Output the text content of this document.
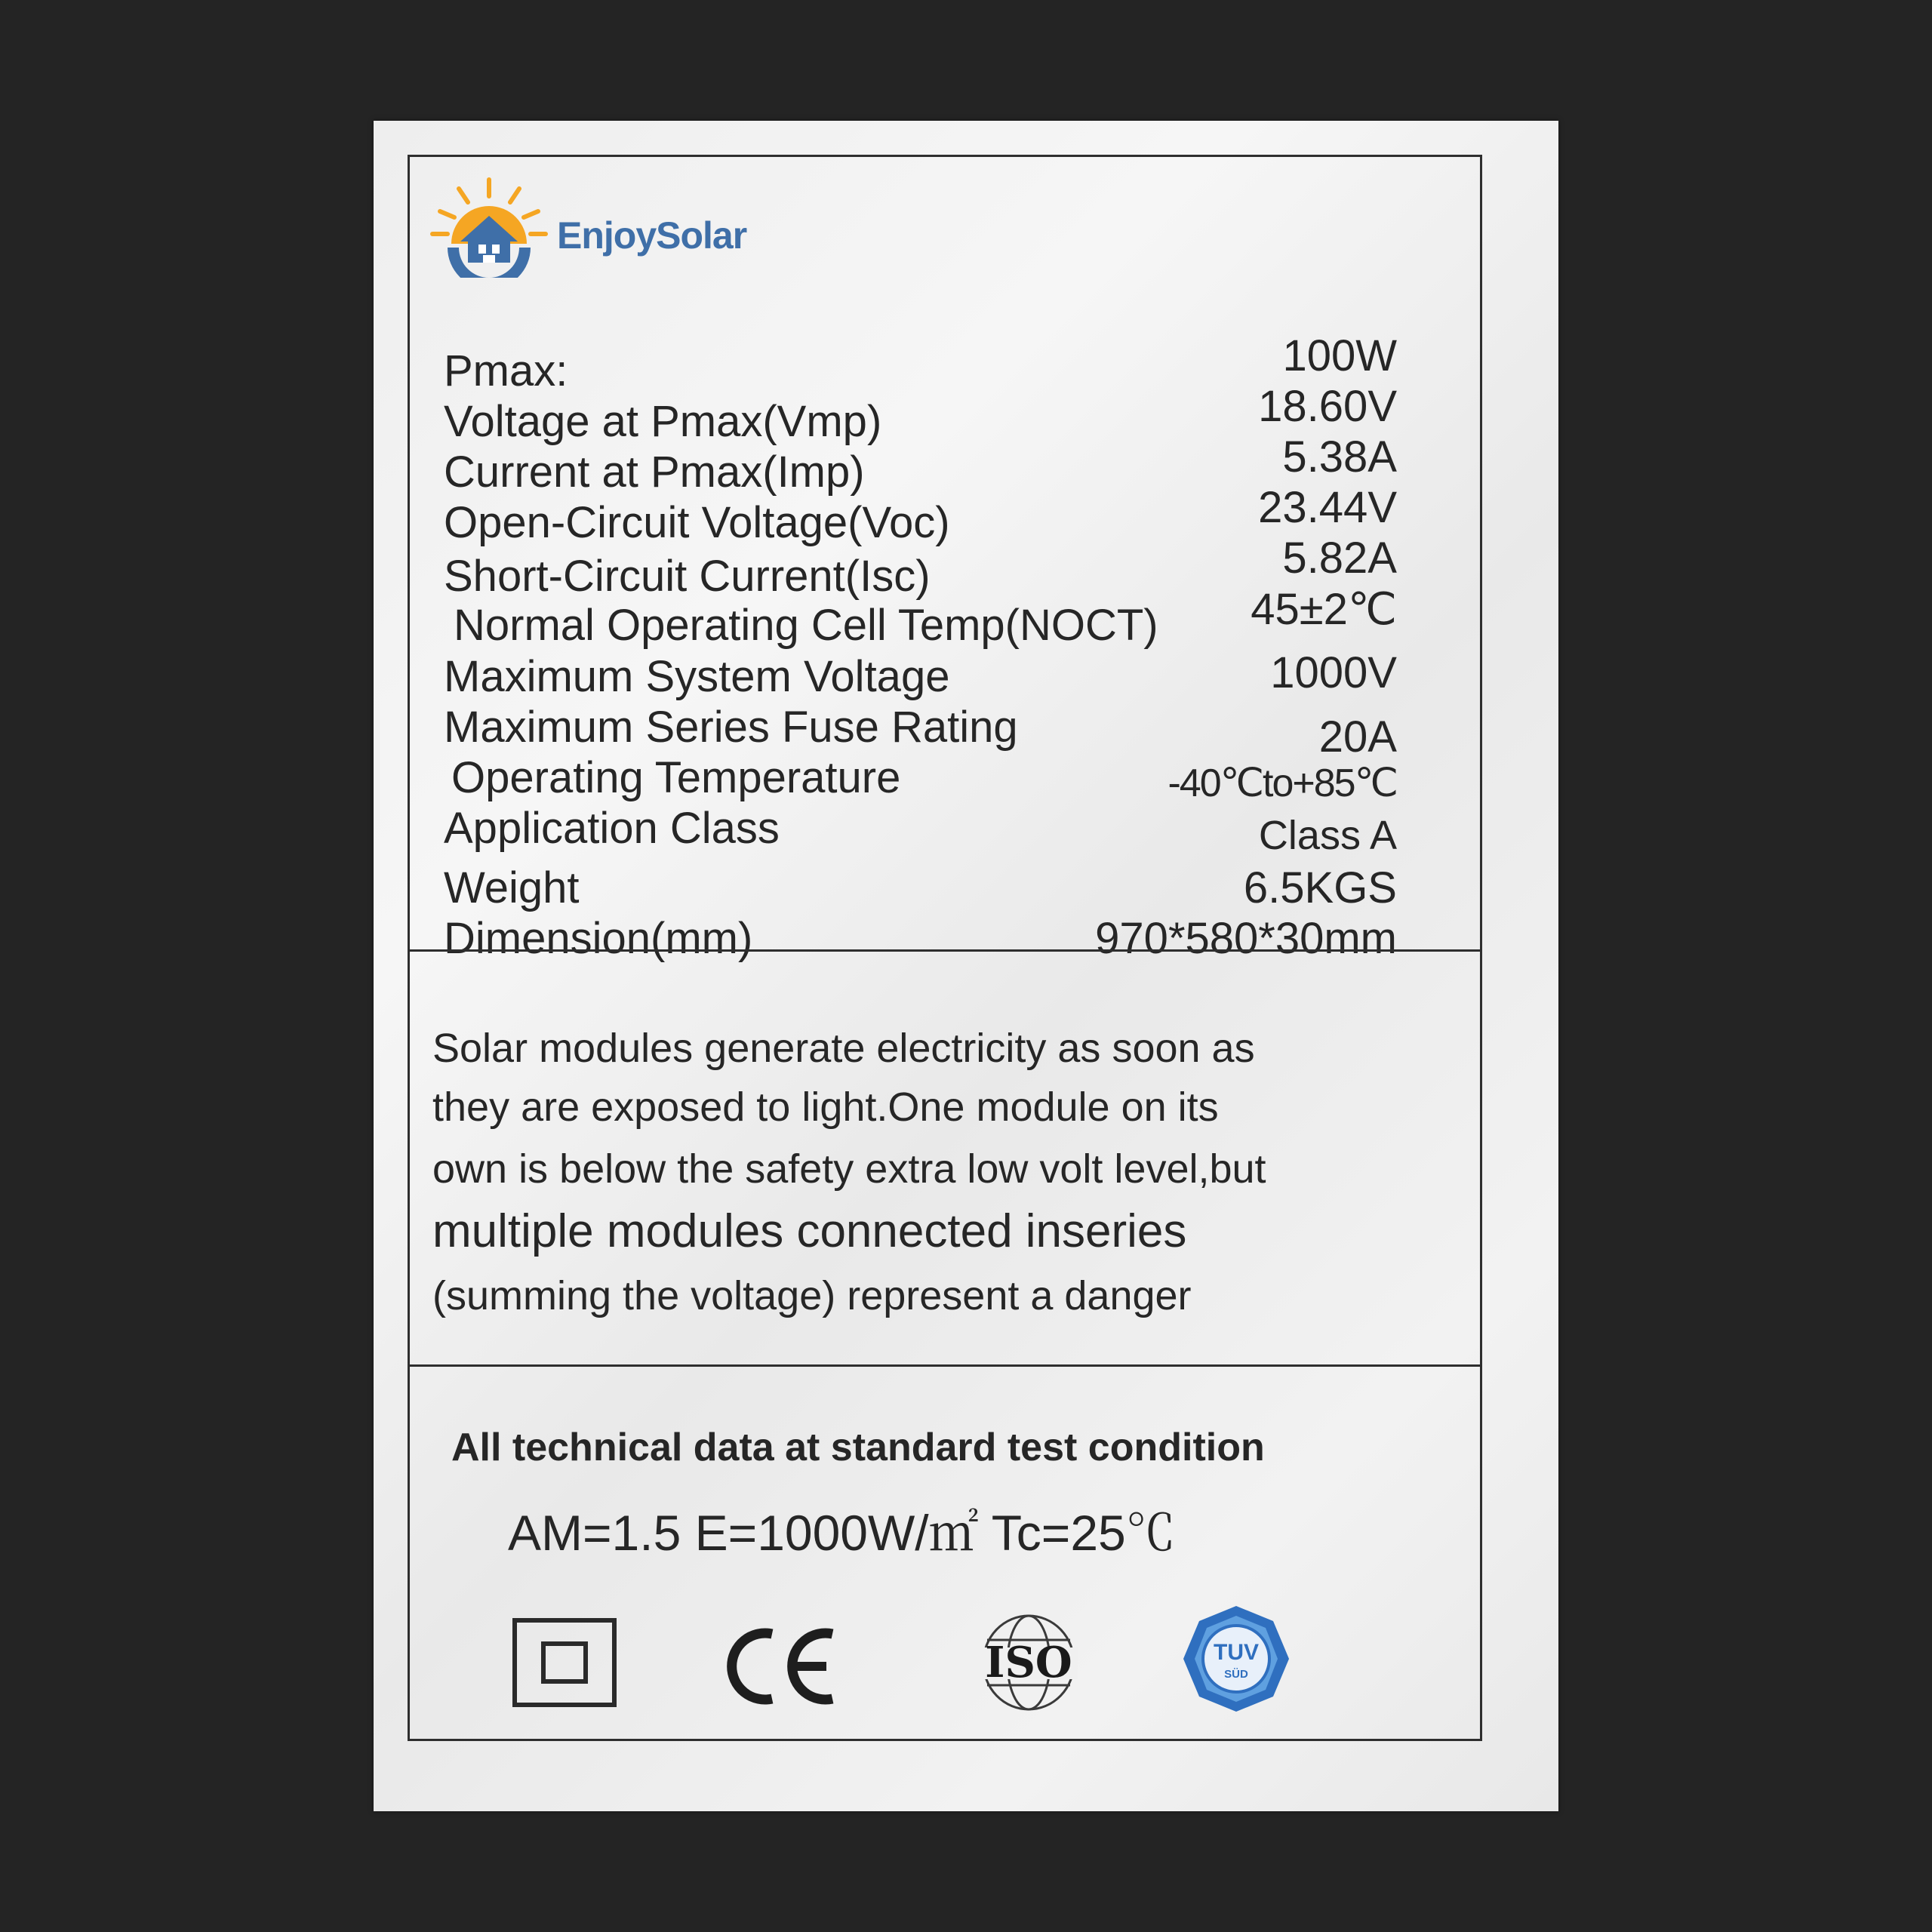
EnjoySolar
Pmax:	100W
Voltage at Pmax(Vmp)	18.60V
Current at Pmax(Imp)	5.38A
Open-Circuit Voltage(Voc)	23.44V
Short-Circuit Current(Isc)	5.82A
Normal Operating Cell Temp(NOCT) 45±2℃
Maximum System Voltage	1000V
Maximum Series Fuse Rating	20A
Operating Temperature	-40℃to+85℃
Application Class	Class A
Weight	6.5KGS
Dimension(mm)	970*580*30mm
Solar modules generate electricity as soon as
they are exposed to light.One module on its
own is below the safety extra low volt level,but
multiple modules connected inseries
(summing the voltage) represent a danger
All technical data at standard test condition
AM=1.5 E=1000W/㎡ Tc=25℃
ISO	TUV
SÜD
